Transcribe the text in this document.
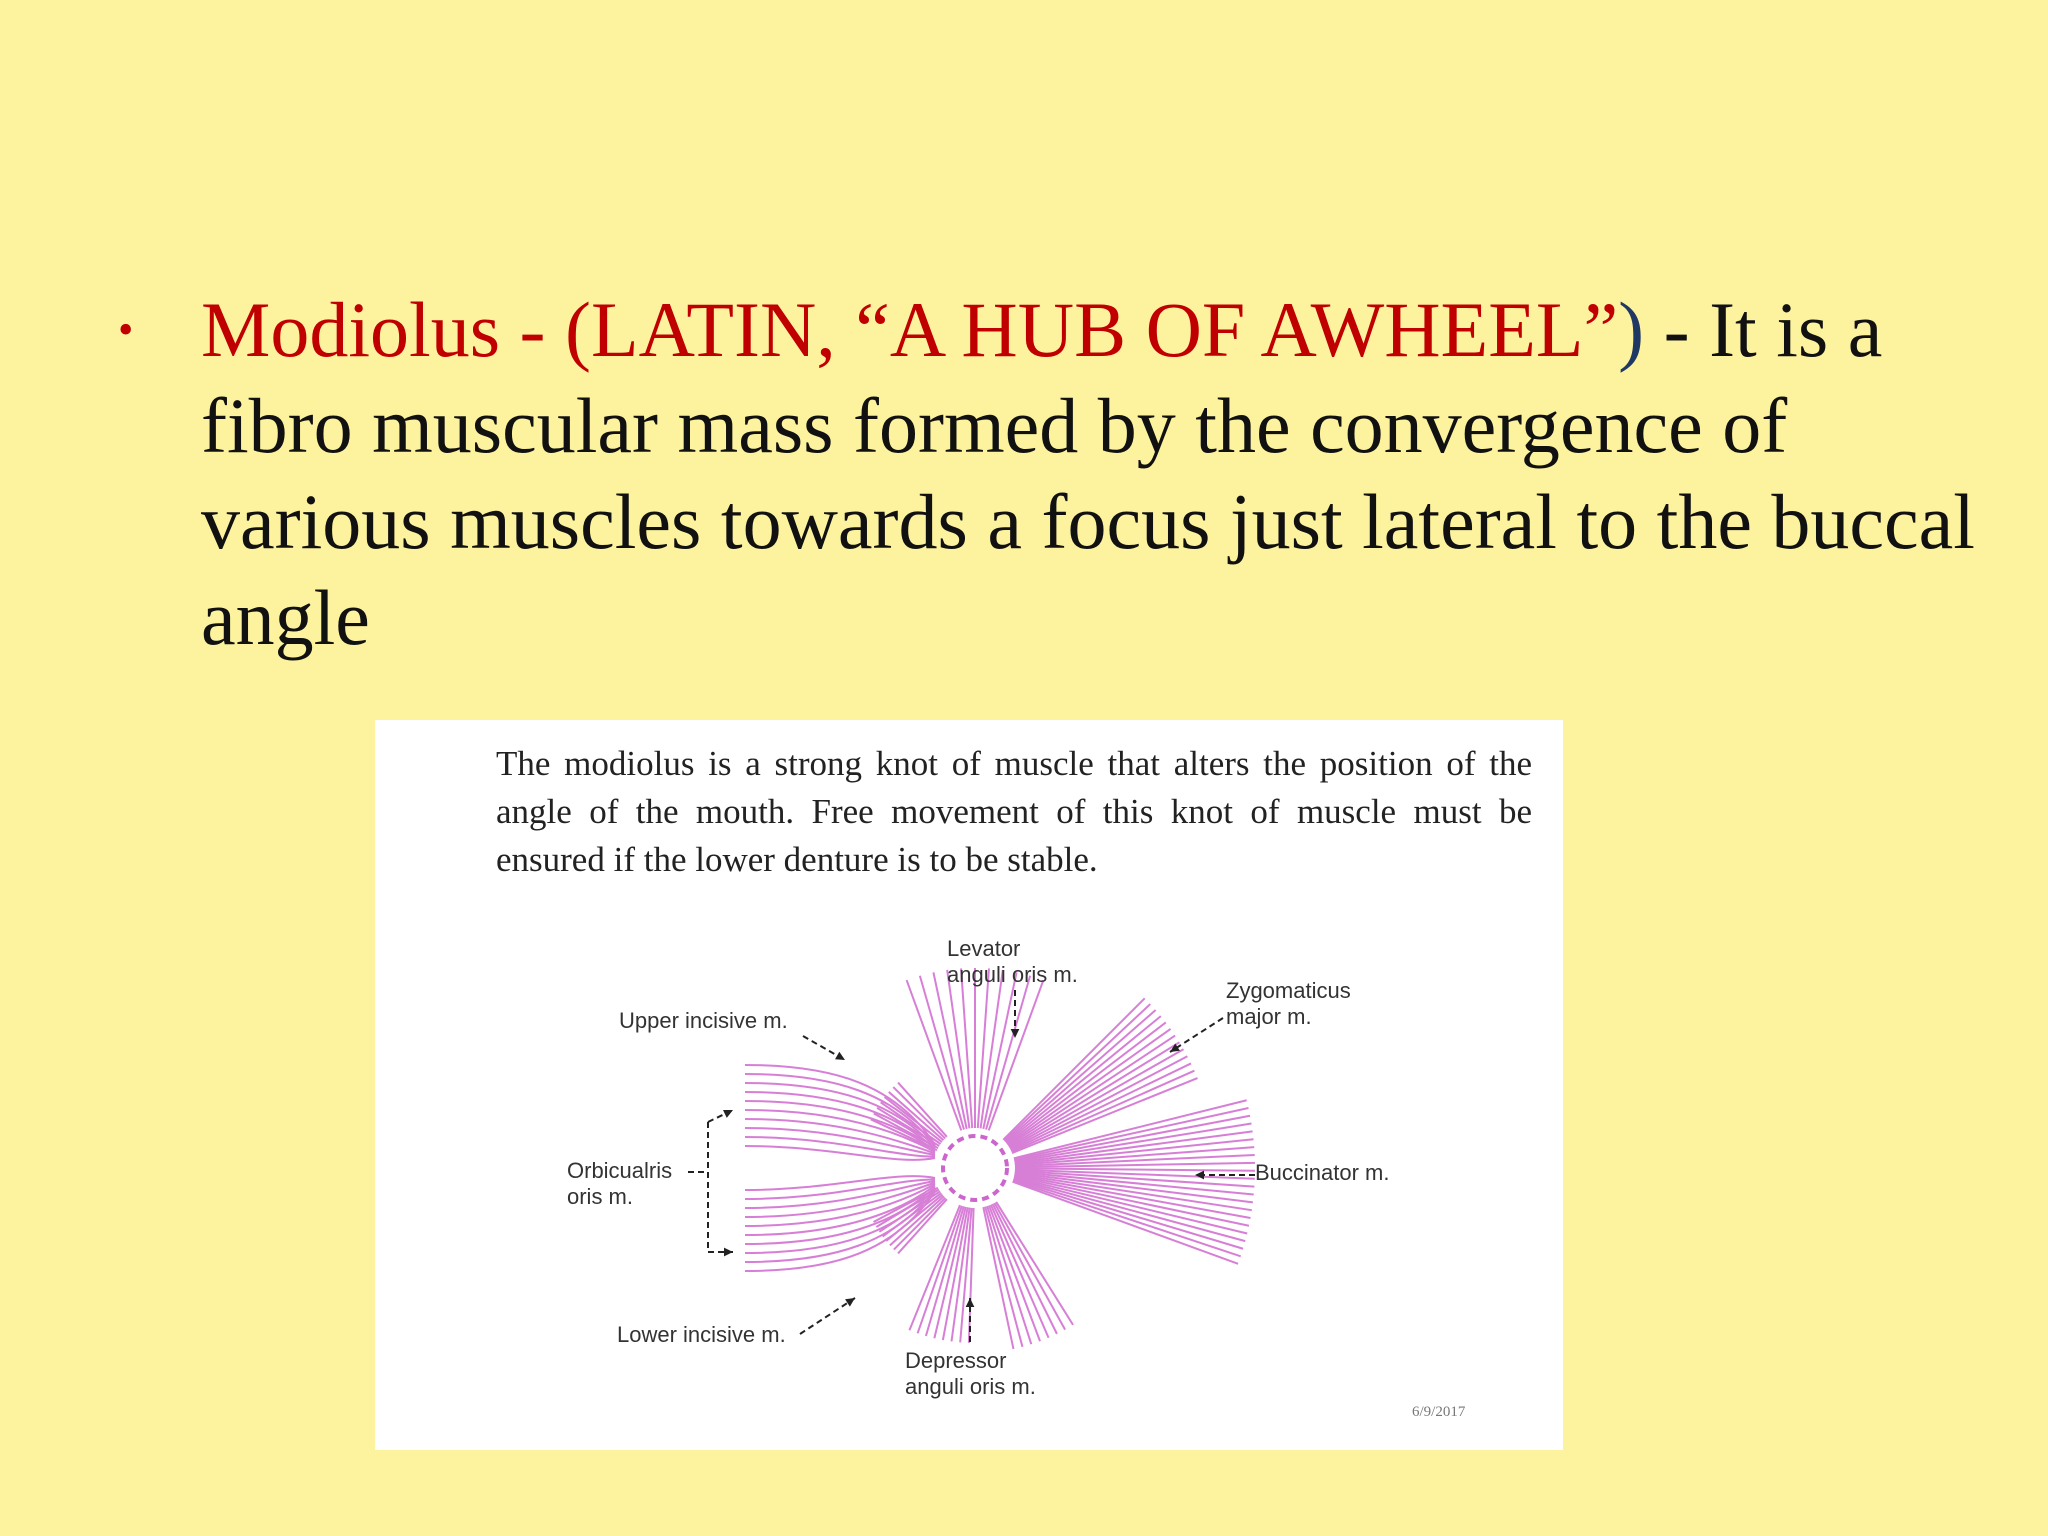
• Modiolus - (LATIN, “A HUB OF AWHEEL”) - It is a fibro muscular mass formed by the convergence of various muscles towards a focus just lateral to the buccal angle
The modiolus is a strong knot of muscle that alters the position of the angle of the mouth. Free movement of this knot of muscle must be ensured if the lower denture is to be stable.
Levator
anguli oris m.
Zygomaticus
major m.
Upper incisive m.
Orbicualris
oris m.
Buccinator m.
Lower incisive m.
Depressor
anguli oris m.
6/9/2017
